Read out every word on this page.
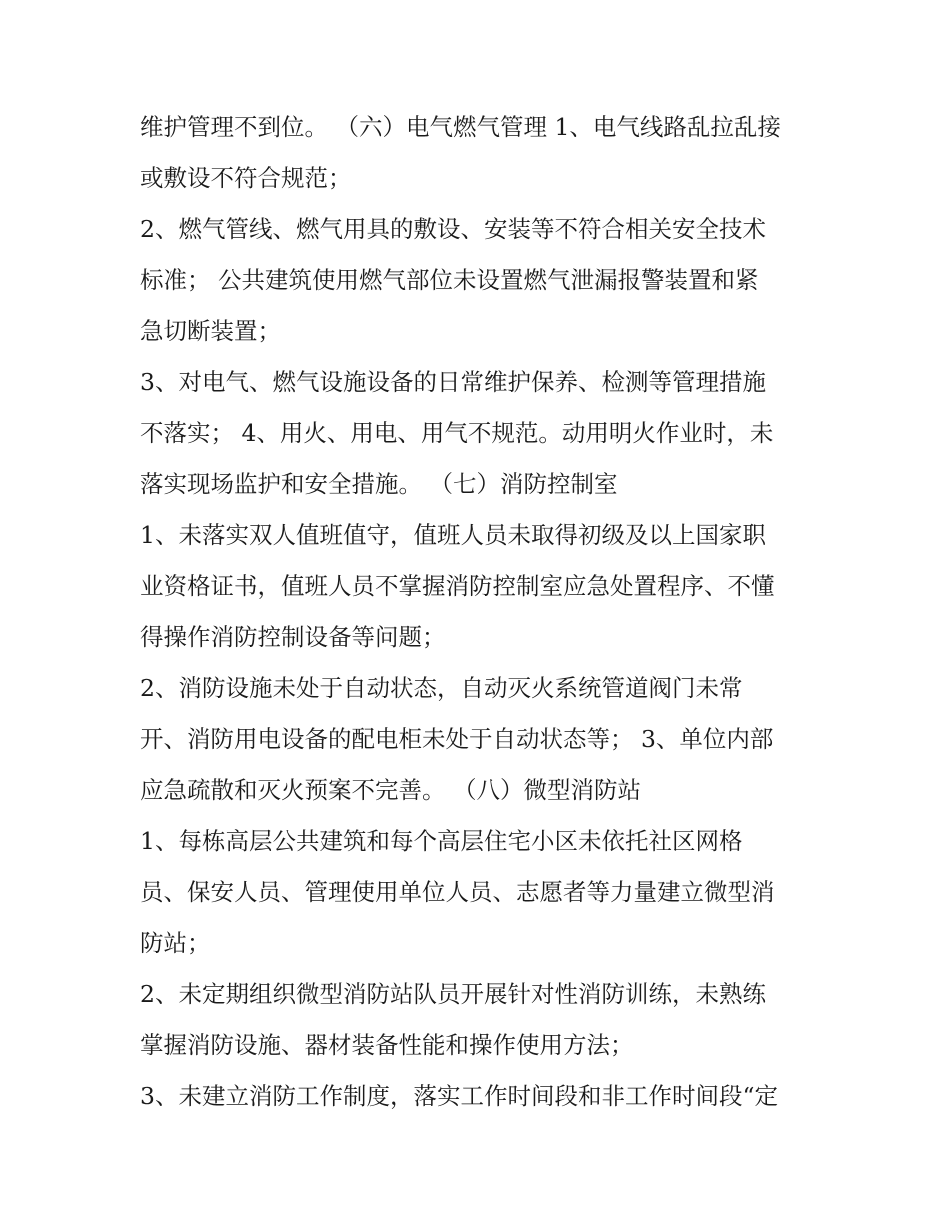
维护管理不到位。 （六）电气燃气管理 1、电气线路乱拉乱接
或敷设不符合规范；
2、燃气管线、燃气用具的敷设、安装等不符合相关安全技术
标准； 公共建筑使用燃气部位未设置燃气泄漏报警装置和紧
急切断装置；
3、对电气、燃气设施设备的日常维护保养、检测等管理措施
不落实； 4、用火、用电、用气不规范。动用明火作业时，未
落实现场监护和安全措施。 （七）消防控制室
1、未落实双人值班值守，值班人员未取得初级及以上国家职
业资格证书，值班人员不掌握消防控制室应急处置程序、不懂
得操作消防控制设备等问题；
2、消防设施未处于自动状态，自动灭火系统管道阀门未常
开、消防用电设备的配电柜未处于自动状态等； 3、单位内部
应急疏散和灭火预案不完善。 （八）微型消防站
1、每栋高层公共建筑和每个高层住宅小区未依托社区网格
员、保安人员、管理使用单位人员、志愿者等力量建立微型消
防站；
2、未定期组织微型消防站队员开展针对性消防训练，未熟练
掌握消防设施、器材装备性能和操作使用方法；
3、未建立消防工作制度，落实工作时间段和非工作时间段“定
